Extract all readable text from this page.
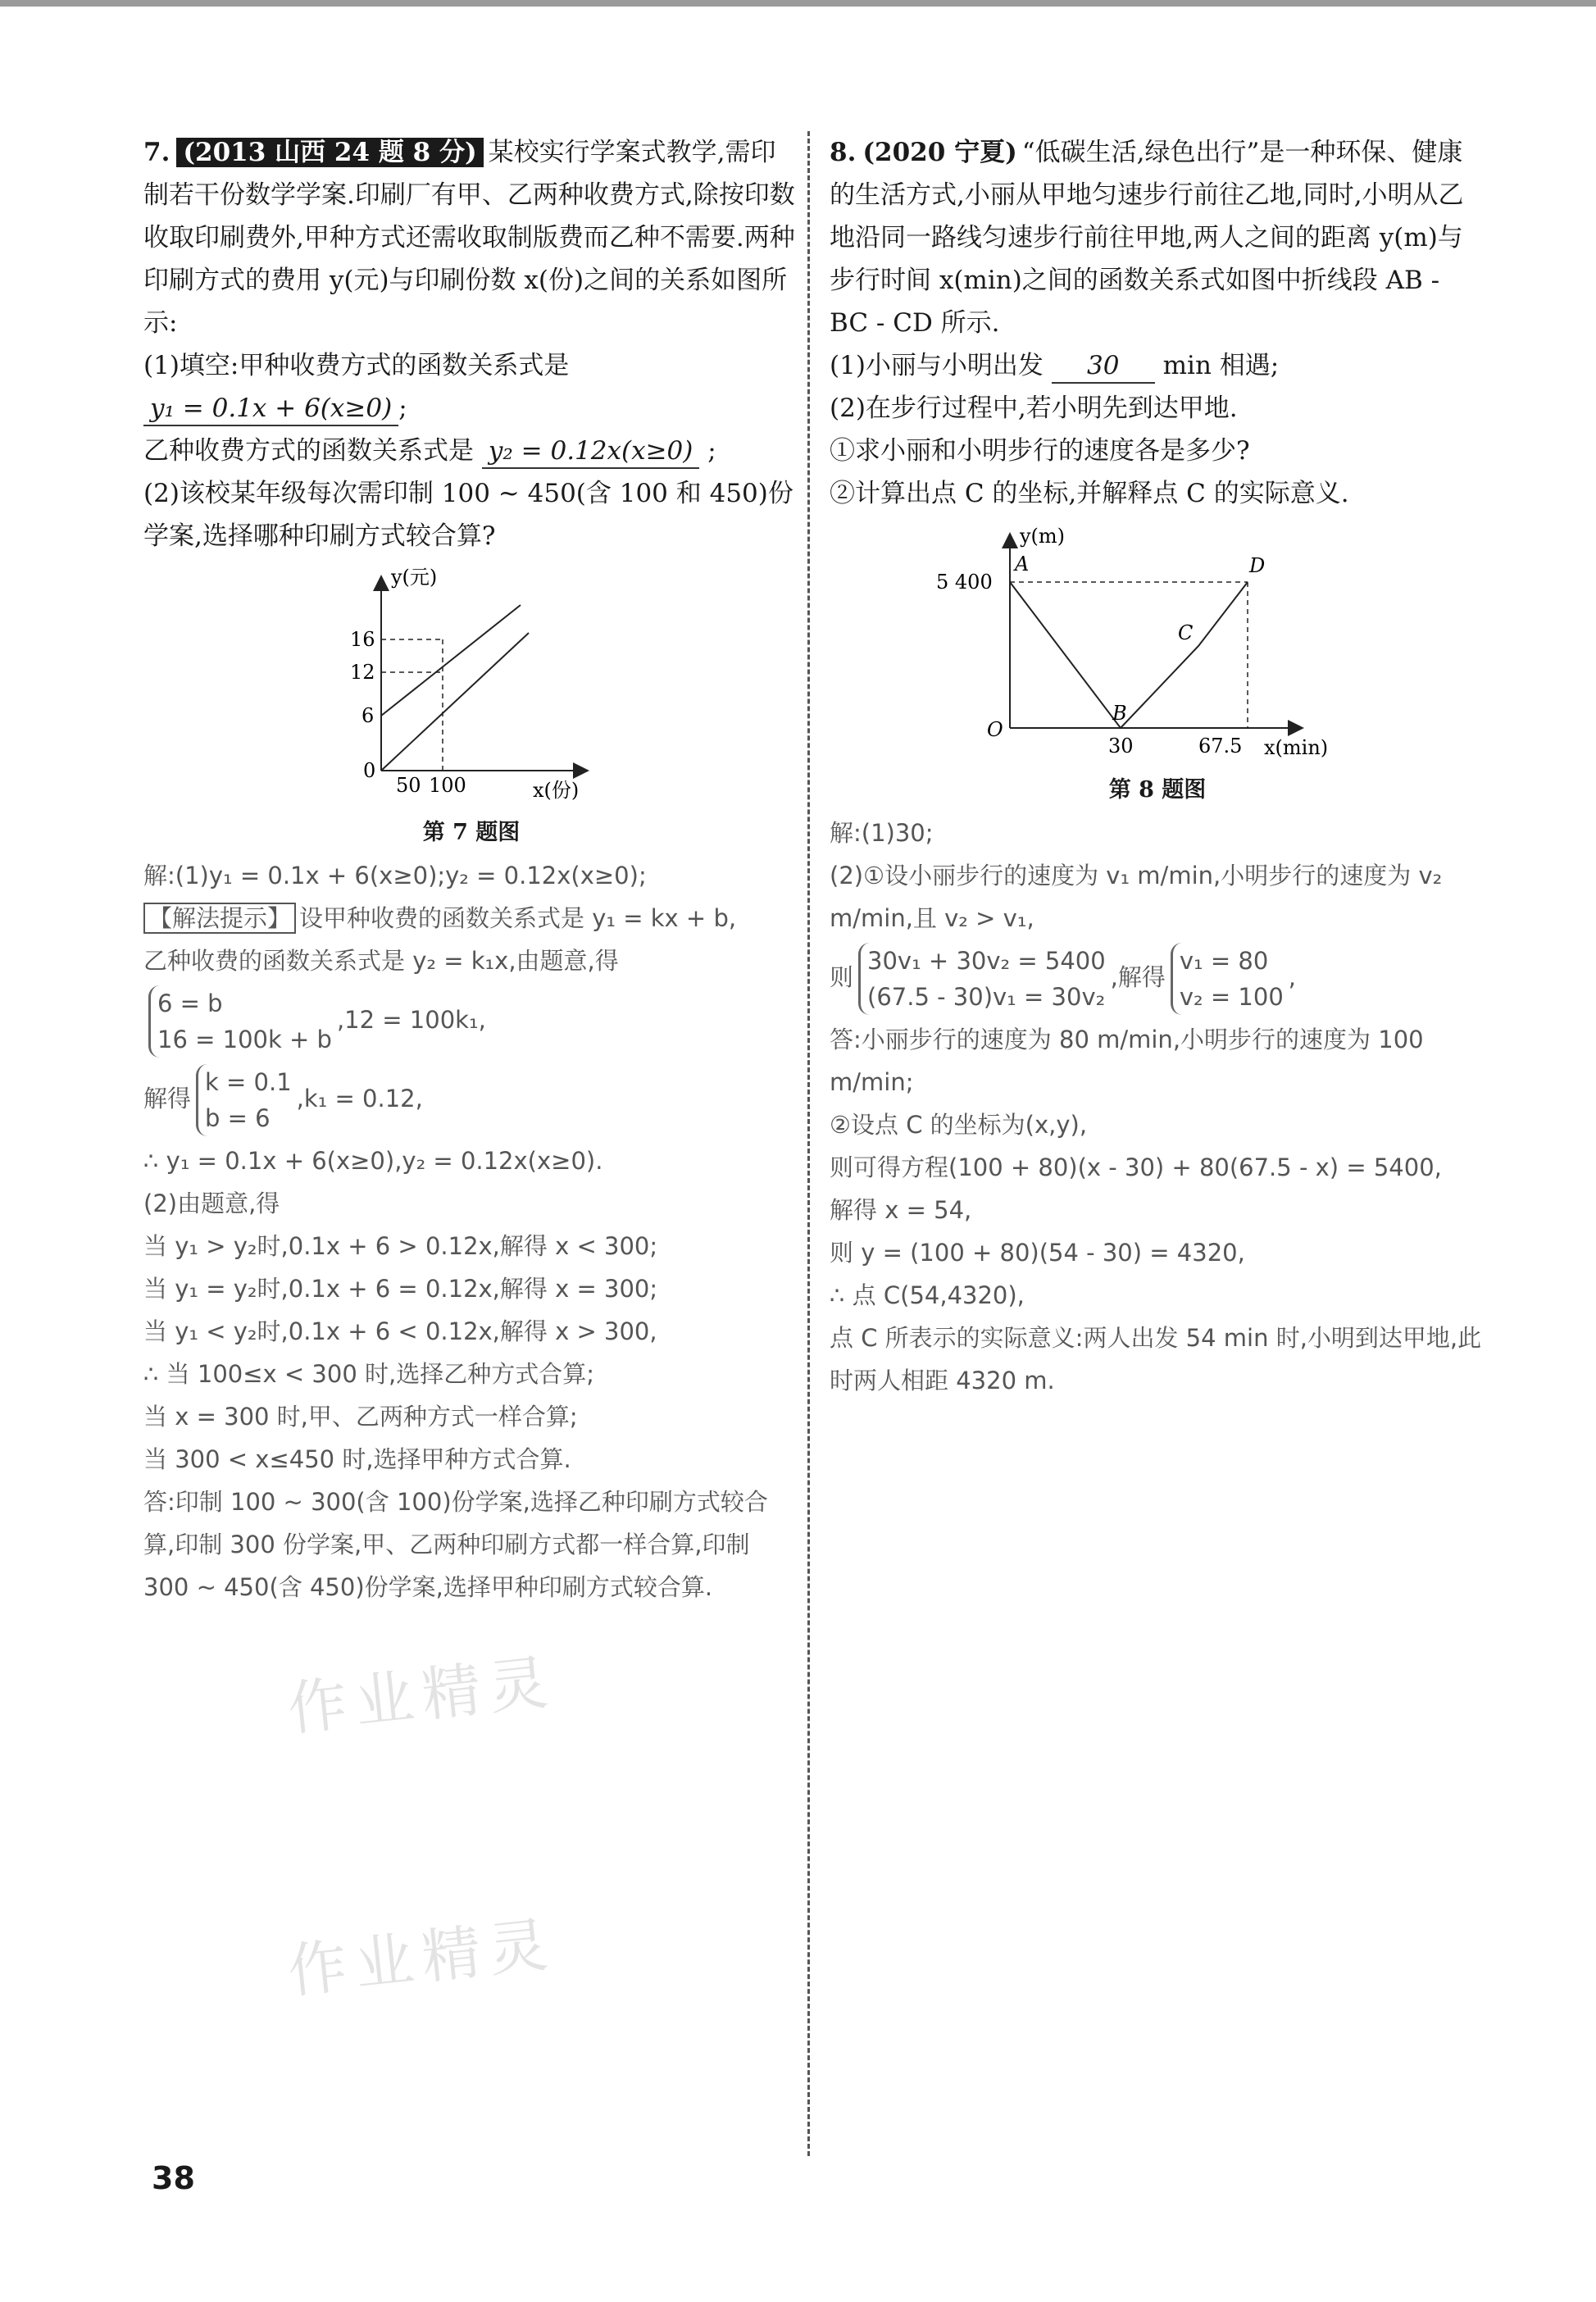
作业精灵
作业精灵

7. (2013 山西 24 题 8 分) 某校实行学案式教学,需印制若干份数学学案.印刷厂有甲、乙两种收费方式,除按印数收取印刷费外,甲种方式还需收取制版费而乙种不需要.两种印刷方式的费用 y(元)与印刷份数 x(份)之间的关系如图所示:

(1)填空:甲种收费方式的函数关系式是 y₁ = 0.1x + 6(x≥0) ;

乙种收费方式的函数关系式是 y₂ = 0.12x(x≥0) ;

(2)该校某年级每次需印制 100 ~ 450(含 100 和 450)份学案,选择哪种印刷方式较合算?

y(元)
x(份)
0
16
12
6
50 100

第 7 题图

解:(1)y₁ = 0.1x + 6(x≥0);y₂ = 0.12x(x≥0);

【解法提示】 设甲种收费的函数关系式是 y₁ = kx + b,

乙种收费的函数关系式是 y₂ = k₁x,由题意,得

6 = b
16 = 100k + b,12 = 100k₁,

解得k = 0.1
b = 6,k₁ = 0.12,

∴ y₁ = 0.1x + 6(x≥0),y₂ = 0.12x(x≥0).

(2)由题意,得

当 y₁ > y₂时,0.1x + 6 > 0.12x,解得 x < 300;

当 y₁ = y₂时,0.1x + 6 = 0.12x,解得 x = 300;

当 y₁ < y₂时,0.1x + 6 < 0.12x,解得 x > 300,

∴ 当 100≤x < 300 时,选择乙种方式合算;

当 x = 300 时,甲、乙两种方式一样合算;

当 300 < x≤450 时,选择甲种方式合算.

答:印制 100 ~ 300(含 100)份学案,选择乙种印刷方式较合算,印制 300 份学案,甲、乙两种印刷方式都一样合算,印制 300 ~ 450(含 450)份学案,选择甲种印刷方式较合算.

8. (2020 宁夏) “低碳生活,绿色出行”是一种环保、健康的生活方式,小丽从甲地匀速步行前往乙地,同时,小明从乙地沿同一路线匀速步行前往甲地,两人之间的距离 y(m)与步行时间 x(min)之间的函数关系式如图中折线段 AB - BC - CD 所示.

(1)小丽与小明出发 30 min 相遇;

(2)在步行过程中,若小明先到达甲地.

①求小丽和小明步行的速度各是多少?

②计算出点 C 的坐标,并解释点 C 的实际意义.

y(m)
x(min)
O
5 400
30	67.5
A
B
C
D

第 8 题图

解:(1)30;

(2)①设小丽步行的速度为 v₁ m/min,小明步行的速度为 v₂ m/min,且 v₂ > v₁,

则30v₁ + 30v₂ = 5400
(67.5 - 30)v₁ = 30v₂,解得v₁ = 80
v₂ = 100,

答:小丽步行的速度为 80 m/min,小明步行的速度为 100 m/min;

②设点 C 的坐标为(x,y),

则可得方程(100 + 80)(x - 30) + 80(67.5 - x) = 5400,

解得 x = 54,

则 y = (100 + 80)(54 - 30) = 4320,

∴ 点 C(54,4320),

点 C 所表示的实际意义:两人出发 54 min 时,小明到达甲地,此时两人相距 4320 m.

38
